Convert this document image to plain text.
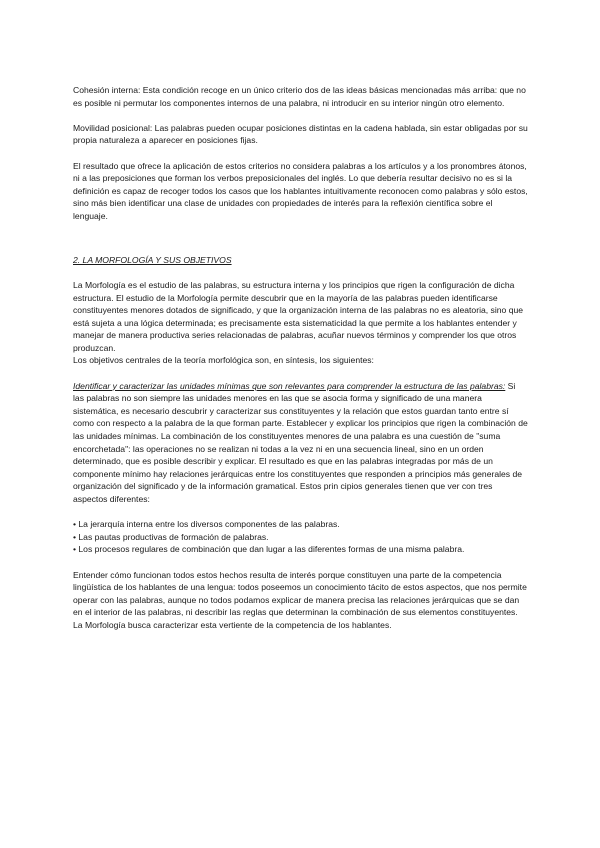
Cohesión interna: Esta condición recoge en un único criterio dos de las ideas básicas mencionadas más arriba: que no es posible ni permutar los componentes internos de una palabra, ni introducir en su interior ningún otro elemento.

Movilidad posicional: Las palabras pueden ocupar posiciones distintas en la cadena hablada, sin estar obligadas por su propia naturaleza a aparecer en posiciones fijas.

El resultado que ofrece la aplicación de estos criterios no considera palabras a los artículos y a los pronombres átonos, ni a las preposiciones que forman los verbos preposicionales del inglés. Lo que debería resultar decisivo no es si la definición es capaz de recoger todos los casos que los hablantes intuitivamente reconocen como palabras y sólo estos, sino más bien identificar una clase de unidades con propiedades de interés para la reflexión científica sobre el lenguaje.

2. LA MORFOLOGÍA Y SUS OBJETIVOS

La Morfología es el estudio de las palabras, su estructura interna y los principios que rigen la configuración de dicha estructura. El estudio de la Morfología permite descubrir que en la mayoría de las palabras pueden identificarse constituyentes menores dotados de significado, y que la organización interna de las palabras no es aleatoria, sino que está sujeta a una lógica determinada; es precisamente esta sistematicidad la que permite a los hablantes entender y manejar de manera productiva series relacionadas de palabras, acuñar nuevos términos y comprender los que otros produzcan.

Los objetivos centrales de la teoría morfológica son, en síntesis, los siguientes:

Identificar y caracterizar las unidades mínimas que son relevantes para comprender la estructura de las palabras: Si las palabras no son siempre las unidades menores en las que se asocia forma y significado de una manera sistemática, es necesario descubrir y caracterizar sus constituyentes y la relación que estos guardan tanto entre sí como con respecto a la palabra de la que forman parte. Establecer y explicar los principios que rigen la combinación de las unidades mínimas. La combinación de los constituyentes menores de una palabra es una cuestión de "suma encorchetada": las operaciones no se realizan ni todas a la vez ni en una secuencia lineal, sino en un orden determinado, que es posible describir y explicar. El resultado es que en las palabras integradas por más de un componente mínimo hay relaciones jerárquicas entre los constituyentes que responden a principios más generales de organización del significado y de la información gramatical. Estos prin cipios generales tienen que ver con tres aspectos diferentes:

• La jerarquía interna entre los diversos componentes de las palabras.
• Las pautas productivas de formación de palabras.
• Los procesos regulares de combinación que dan lugar a las diferentes formas de una misma palabra.

Entender cómo funcionan todos estos hechos resulta de interés porque constituyen una parte de la competencia lingüística de los hablantes de una lengua: todos poseemos un conocimiento tácito de estos aspectos, que nos permite operar con las palabras, aunque no todos podamos explicar de manera precisa las relaciones jerárquicas que se dan en el interior de las palabras, ni describir las reglas que determinan la combinación de sus elementos constituyentes. La Morfología busca caracterizar esta vertiente de la competencia de los hablantes.
